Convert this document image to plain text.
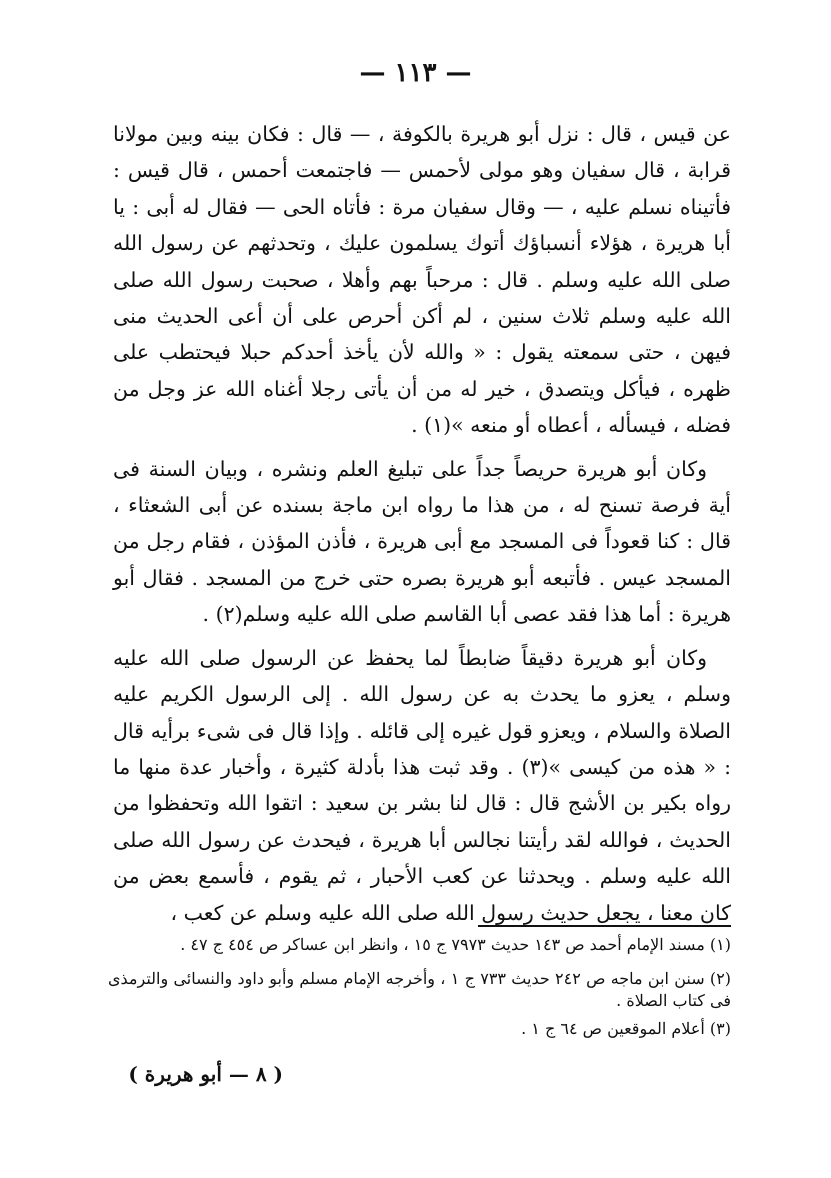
— ١١٣ —

عن قيس ، قال : نزل أبو هريرة بالكوفة ، — قال : فكان بينه وبين مولانا قرابة ، قال سفيان وهو مولى لأحمس — فاجتمعت أحمس ، قال قيس : فأتيناه نسلم عليه ، — وقال سفيان مرة : فأتاه الحى — فقال له أبى : يا أبا هريرة ، هؤلاء أنسباؤك أتوك يسلمون عليك ، وتحدثهم عن رسول الله صلى الله عليه وسلم . قال : مرحباً بهم وأهلا ، صحبت رسول الله صلى الله عليه وسلم ثلاث سنين ، لم أكن أحرص على أن أعى الحديث منى فيهن ، حتى سمعته يقول : « والله لأن يأخذ أحدكم حبلا فيحتطب على ظهره ، فيأكل ويتصدق ، خير له من أن يأتى رجلا أغناه الله عز وجل من فضله ، فيسأله ، أعطاه أو منعه »(١) .

وكان أبو هريرة حريصاً جداً على تبليغ العلم ونشره ، وبيان السنة فى أية فرصة تسنح له ، من هذا ما رواه ابن ماجة بسنده عن أبى الشعثاء ، قال : كنا قعوداً فى المسجد مع أبى هريرة ، فأذن المؤذن ، فقام رجل من المسجد عيس . فأتبعه أبو هريرة بصره حتى خرج من المسجد . فقال أبو هريرة : أما هذا فقد عصى أبا القاسم صلى الله عليه وسلم(٢) .

وكان أبو هريرة دقيقاً ضابطاً لما يحفظ عن الرسول صلى الله عليه وسلم ، يعزو ما يحدث به عن رسول الله . إلى الرسول الكريم عليه الصلاة والسلام ، ويعزو قول غيره إلى قائله . وإذا قال فى شىء برأيه قال : « هذه من كيسى »(٣) . وقد ثبت هذا بأدلة كثيرة ، وأخبار عدة منها ما رواه بكير بن الأشج قال : قال لنا بشر بن سعيد : اتقوا الله وتحفظوا من الحديث ، فوالله لقد رأيتنا نجالس أبا هريرة ، فيحدث عن رسول الله صلى الله عليه وسلم . ويحدثنا عن كعب الأحبار ، ثم يقوم ، فأسمع بعض من كان معنا ، يجعل حديث رسول الله صلى الله عليه وسلم عن كعب ،

(١) مسند الإمام أحمد ص ١٤٣ حديث ٧٩٧٣ ج ١٥ ، وانظر ابن عساكر ص ٤٥٤ ج ٤٧ .

(٢) سنن ابن ماجه ص ٢٤٢ حديث ٧٣٣ ج ١ ، وأخرجه الإمام مسلم وأبو داود والنسائى والترمذى فى كتاب الصلاة .

(٣) أعلام الموقعين ص ٦٤ ج ١ .

( ٨ — أبو هريرة )
